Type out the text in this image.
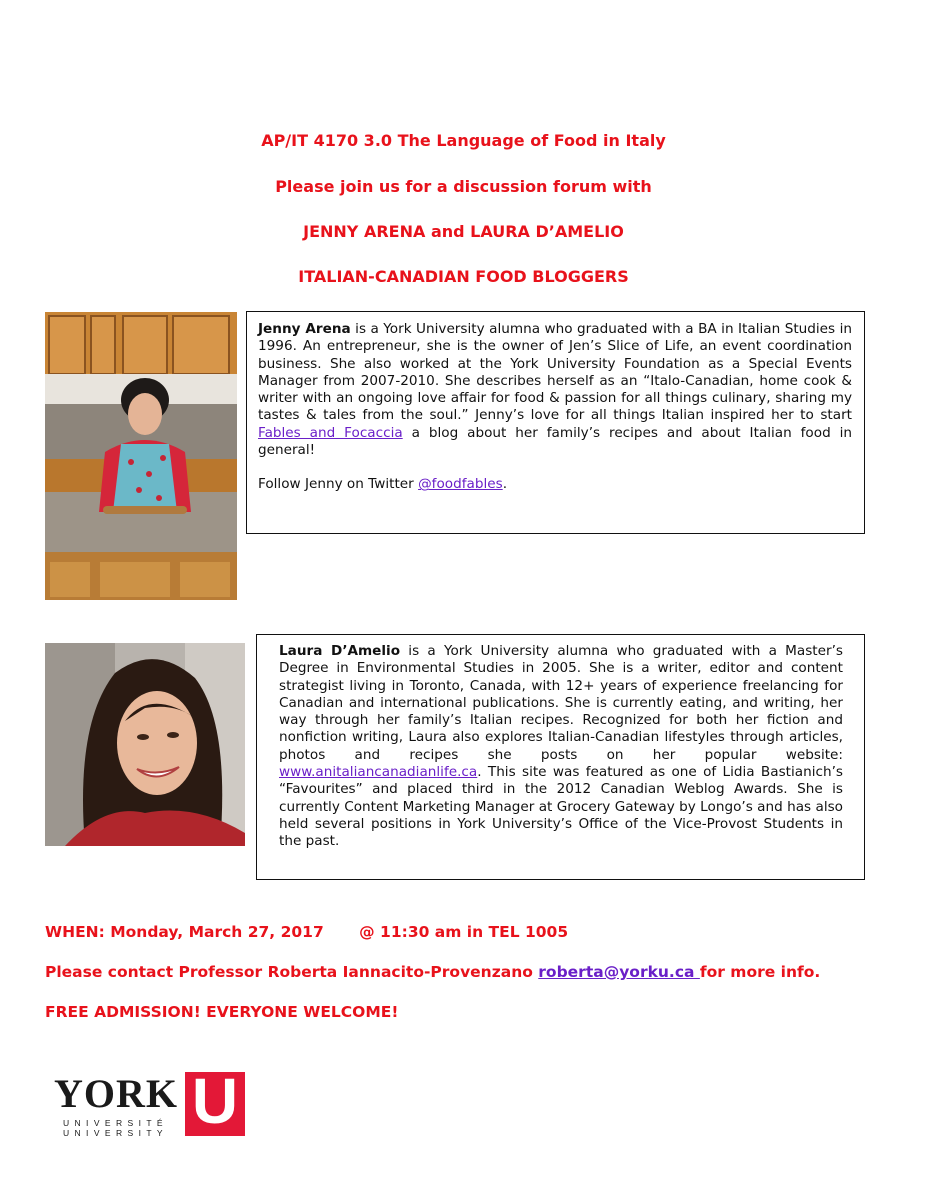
AP/IT 4170 3.0 The Language of Food in Italy
Please join us for a discussion forum with
JENNY ARENA and LAURA D’AMELIO
ITALIAN-CANADIAN FOOD BLOGGERS

Jenny Arena is a York University alumna who graduated with a BA in Italian Studies in 1996. An entrepreneur, she is the owner of Jen’s Slice of Life, an event coordination business. She also worked at the York University Foundation as a Special Events Manager from 2007-2010. She describes herself as an “Italo-Canadian, home cook & writer with an ongoing love affair for food & passion for all things culinary, sharing my tastes & tales from the soul.” Jenny’s love for all things Italian inspired her to start Fables and Focaccia a blog about her family’s recipes and about Italian food in general!

Follow Jenny on Twitter @foodfables.

Laura D’Amelio is a York University alumna who graduated with a Master’s Degree in Environmental Studies in 2005. She is a writer, editor and content strategist living in Toronto, Canada, with 12+ years of experience freelancing for Canadian and international publications. She is currently eating, and writing, her way through her family’s Italian recipes. Recognized for both her fiction and nonfiction writing, Laura also explores Italian-Canadian lifestyles through articles, photos and recipes she posts on her popular website: www.anitaliancanadianlife.ca. This site was featured as one of Lidia Bastianich’s “Favourites” and placed third in the 2012 Canadian Weblog Awards. She is currently Content Marketing Manager at Grocery Gateway by Longo’s and has also held several positions in York University’s Office of the Vice-Provost Students in the past.

WHEN: Monday, March 27, 2017 @ 11:30 am in TEL 1005
Please contact Professor Roberta Iannacito-Provenzano roberta@yorku.ca for more info.
FREE ADMISSION! EVERYONE WELCOME!
YORK
UNIVERSITÉ
UNIVERSITY U
